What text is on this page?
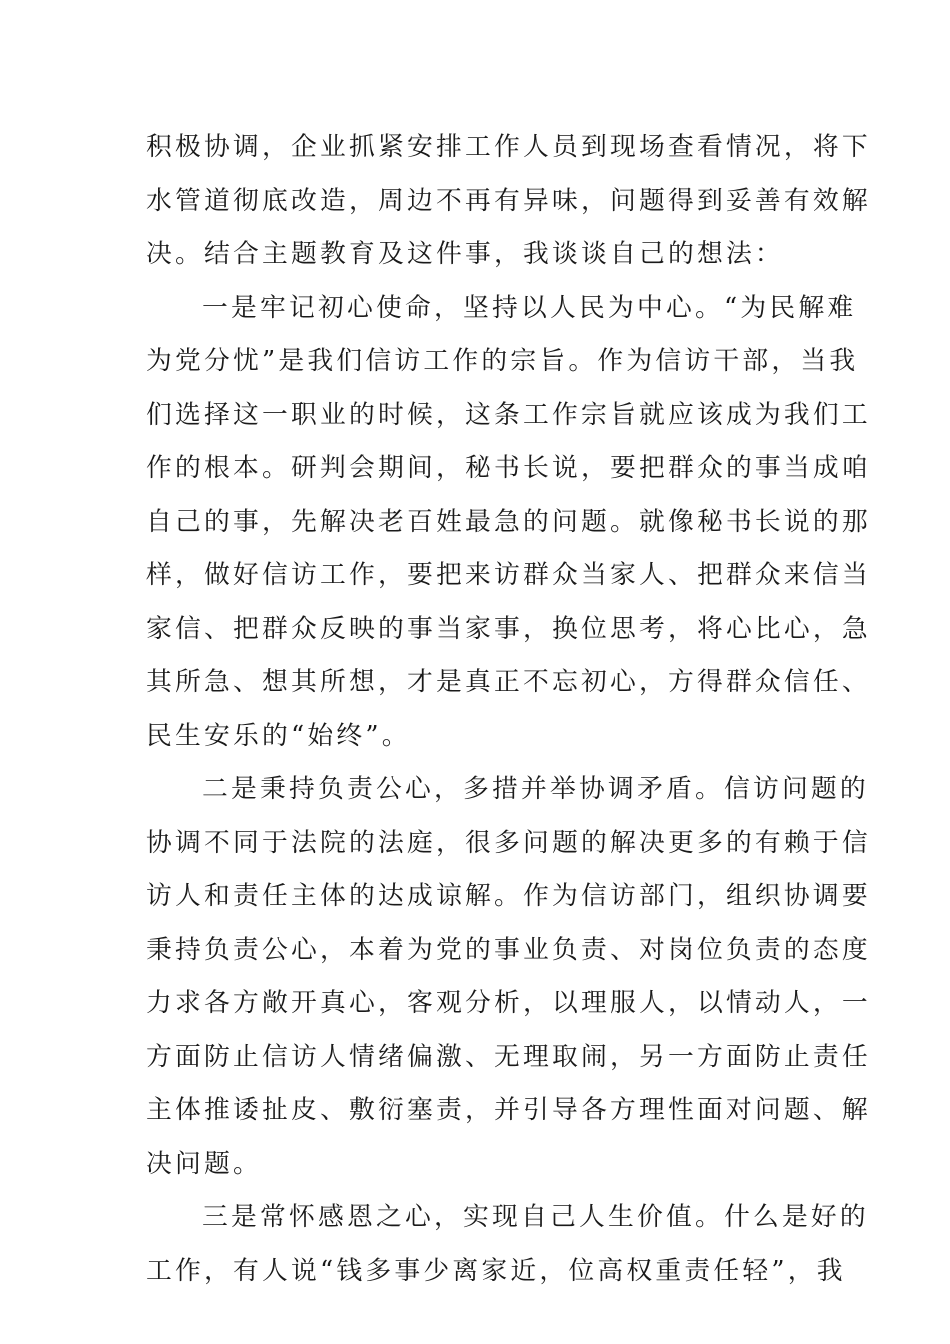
积极协调，企业抓紧安排工作人员到现场查看情况，将下
水管道彻底改造，周边不再有异味，问题得到妥善有效解
决。结合主题教育及这件事，我谈谈自己的想法：
一是牢记初心使命，坚持以人民为中心。“为民解难
为党分忧”是我们信访工作的宗旨。作为信访干部，当我
们选择这一职业的时候，这条工作宗旨就应该成为我们工
作的根本。研判会期间，秘书长说，要把群众的事当成咱
自己的事，先解决老百姓最急的问题。就像秘书长说的那
样，做好信访工作，要把来访群众当家人、把群众来信当
家信、把群众反映的事当家事，换位思考，将心比心，急
其所急、想其所想，才是真正不忘初心，方得群众信任、
民生安乐的“始终”。
二是秉持负责公心，多措并举协调矛盾。信访问题的
协调不同于法院的法庭，很多问题的解决更多的有赖于信
访人和责任主体的达成谅解。作为信访部门，组织协调要
秉持负责公心，本着为党的事业负责、对岗位负责的态度
力求各方敞开真心，客观分析，以理服人，以情动人，一
方面防止信访人情绪偏激、无理取闹，另一方面防止责任
主体推诿扯皮、敷衍塞责，并引导各方理性面对问题、解
决问题。
三是常怀感恩之心，实现自己人生价值。什么是好的
工作，有人说“钱多事少离家近，位高权重责任轻”，我
